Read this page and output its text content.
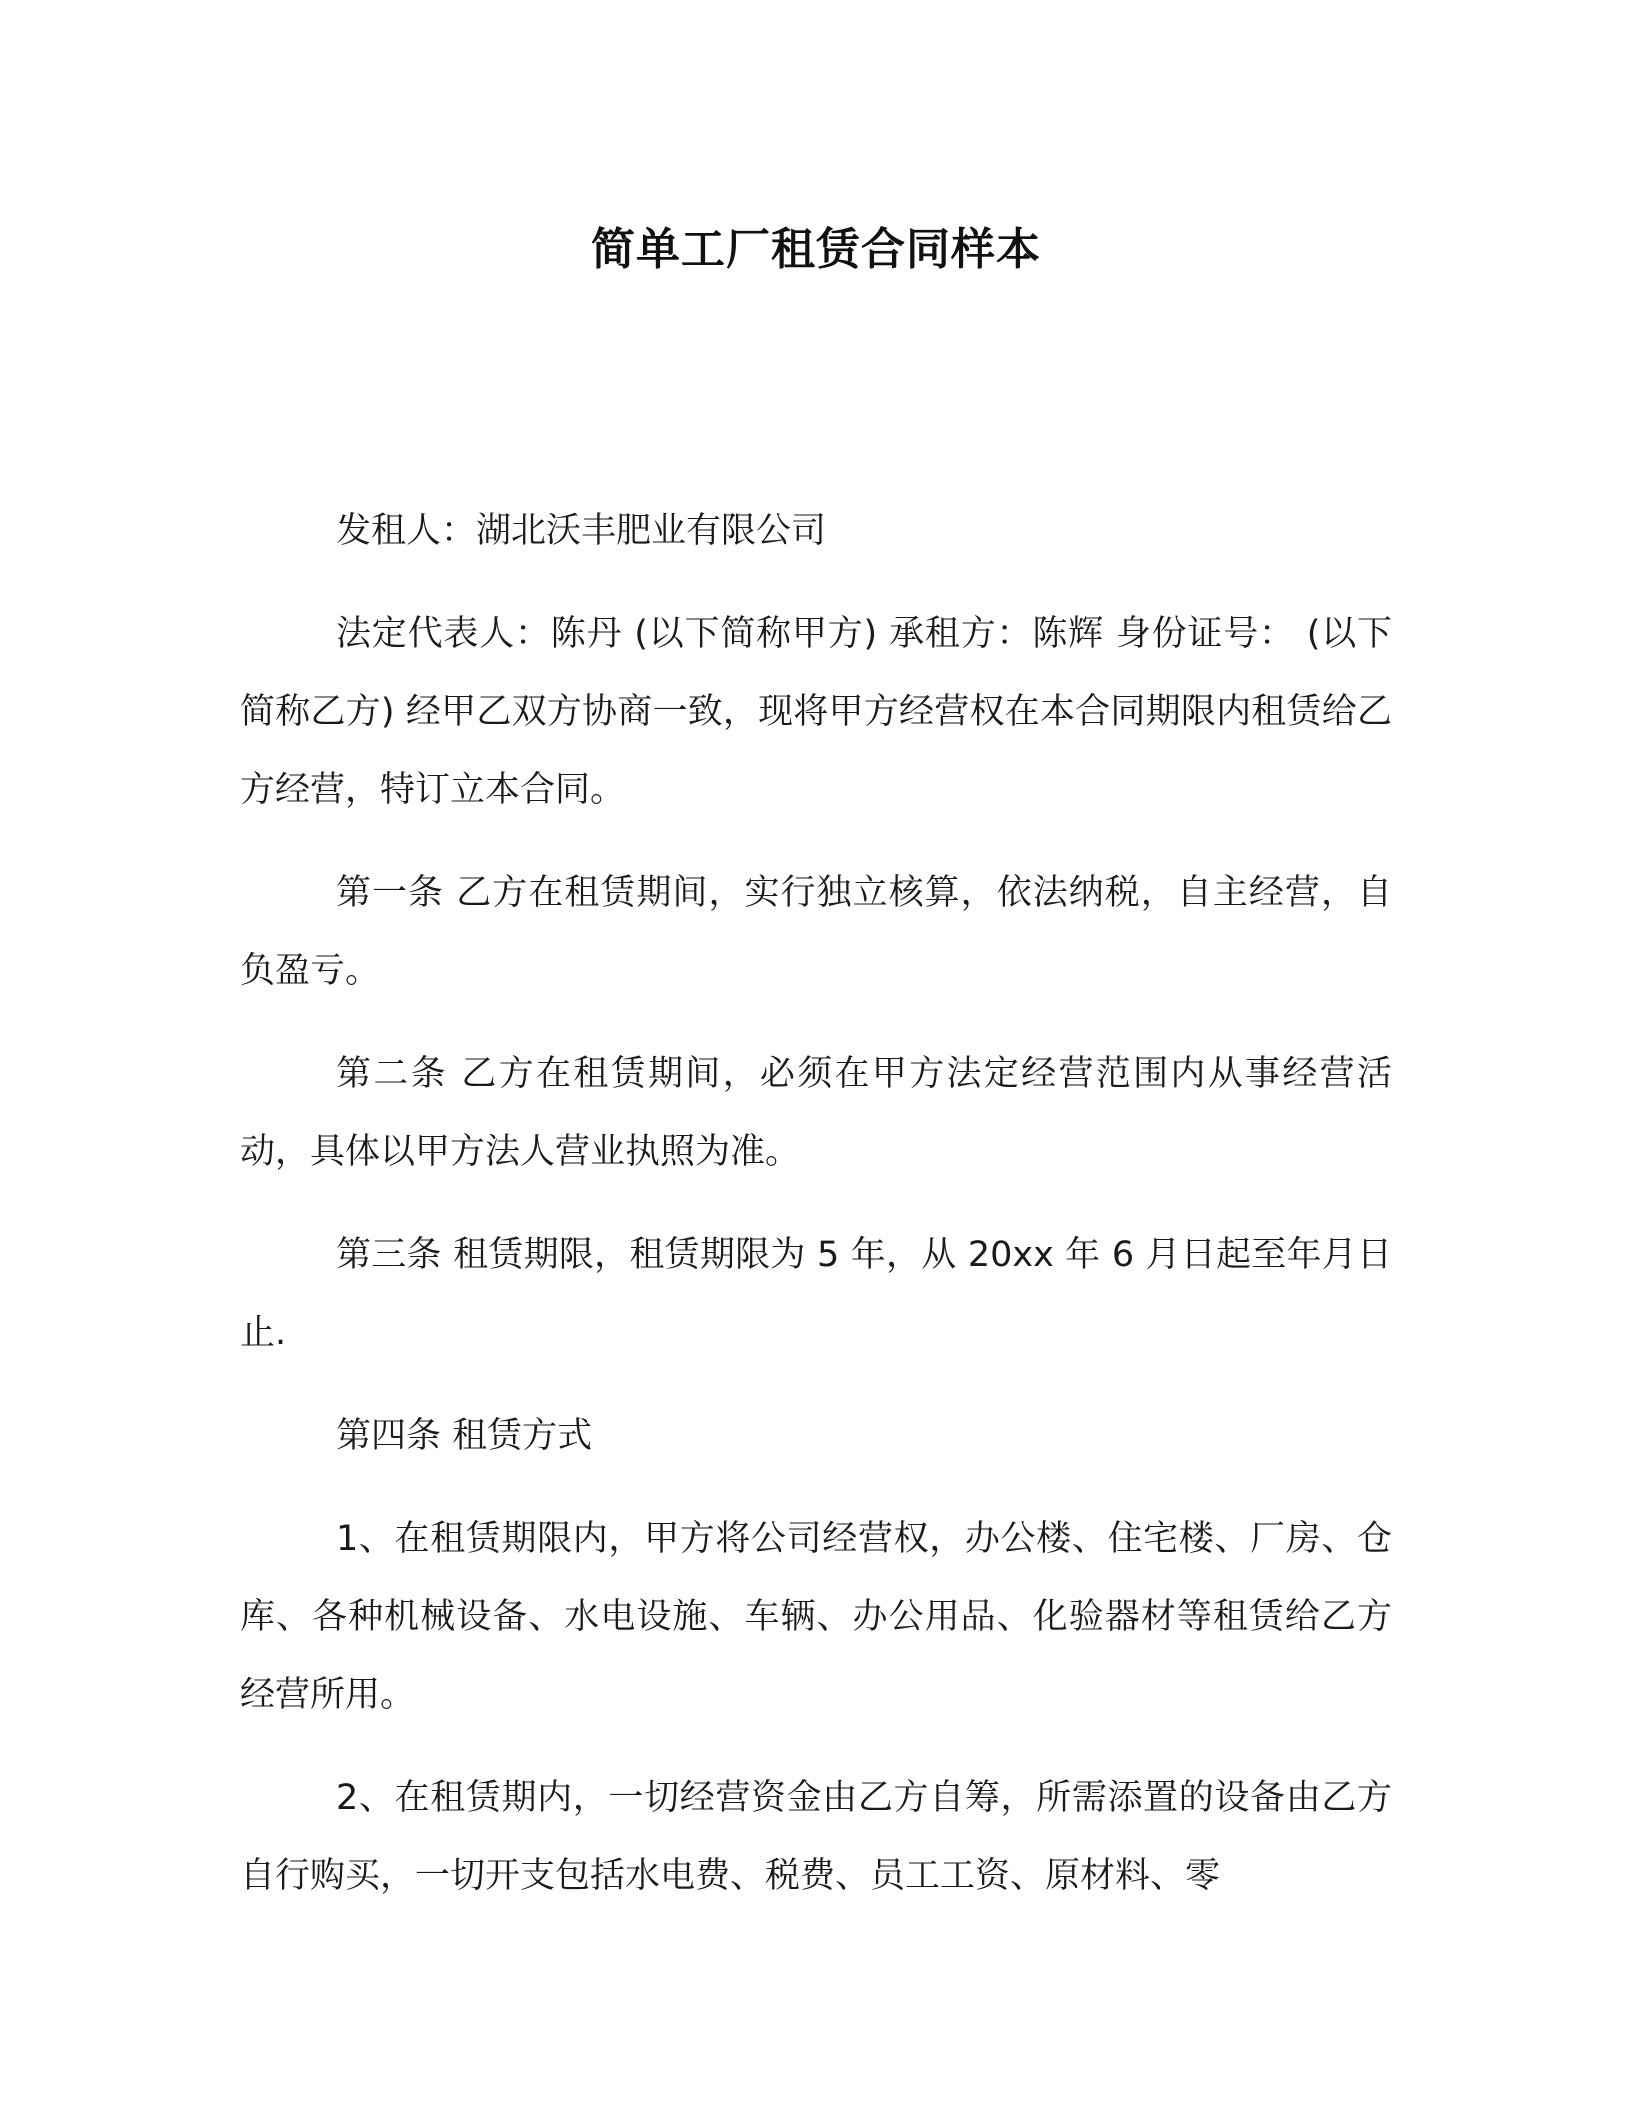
简单工厂租赁合同样本

发租人：湖北沃丰肥业有限公司

法定代表人：陈丹 (以下简称甲方) 承租方：陈辉 身份证号： (以下简称乙方) 经甲乙双方协商一致，现将甲方经营权在本合同期限内租赁给乙方经营，特订立本合同。

第一条 乙方在租赁期间，实行独立核算，依法纳税，自主经营，自负盈亏。

第二条 乙方在租赁期间，必须在甲方法定经营范围内从事经营活动，具体以甲方法人营业执照为准。

第三条 租赁期限，租赁期限为 5 年，从 20xx 年 6 月日起至年月日止.

第四条 租赁方式

1、在租赁期限内，甲方将公司经营权，办公楼、住宅楼、厂房、仓库、各种机械设备、水电设施、车辆、办公用品、化验器材等租赁给乙方经营所用。

2、在租赁期内，一切经营资金由乙方自筹，所需添置的设备由乙方自行购买，一切开支包括水电费、税费、员工工资、原材料、零
